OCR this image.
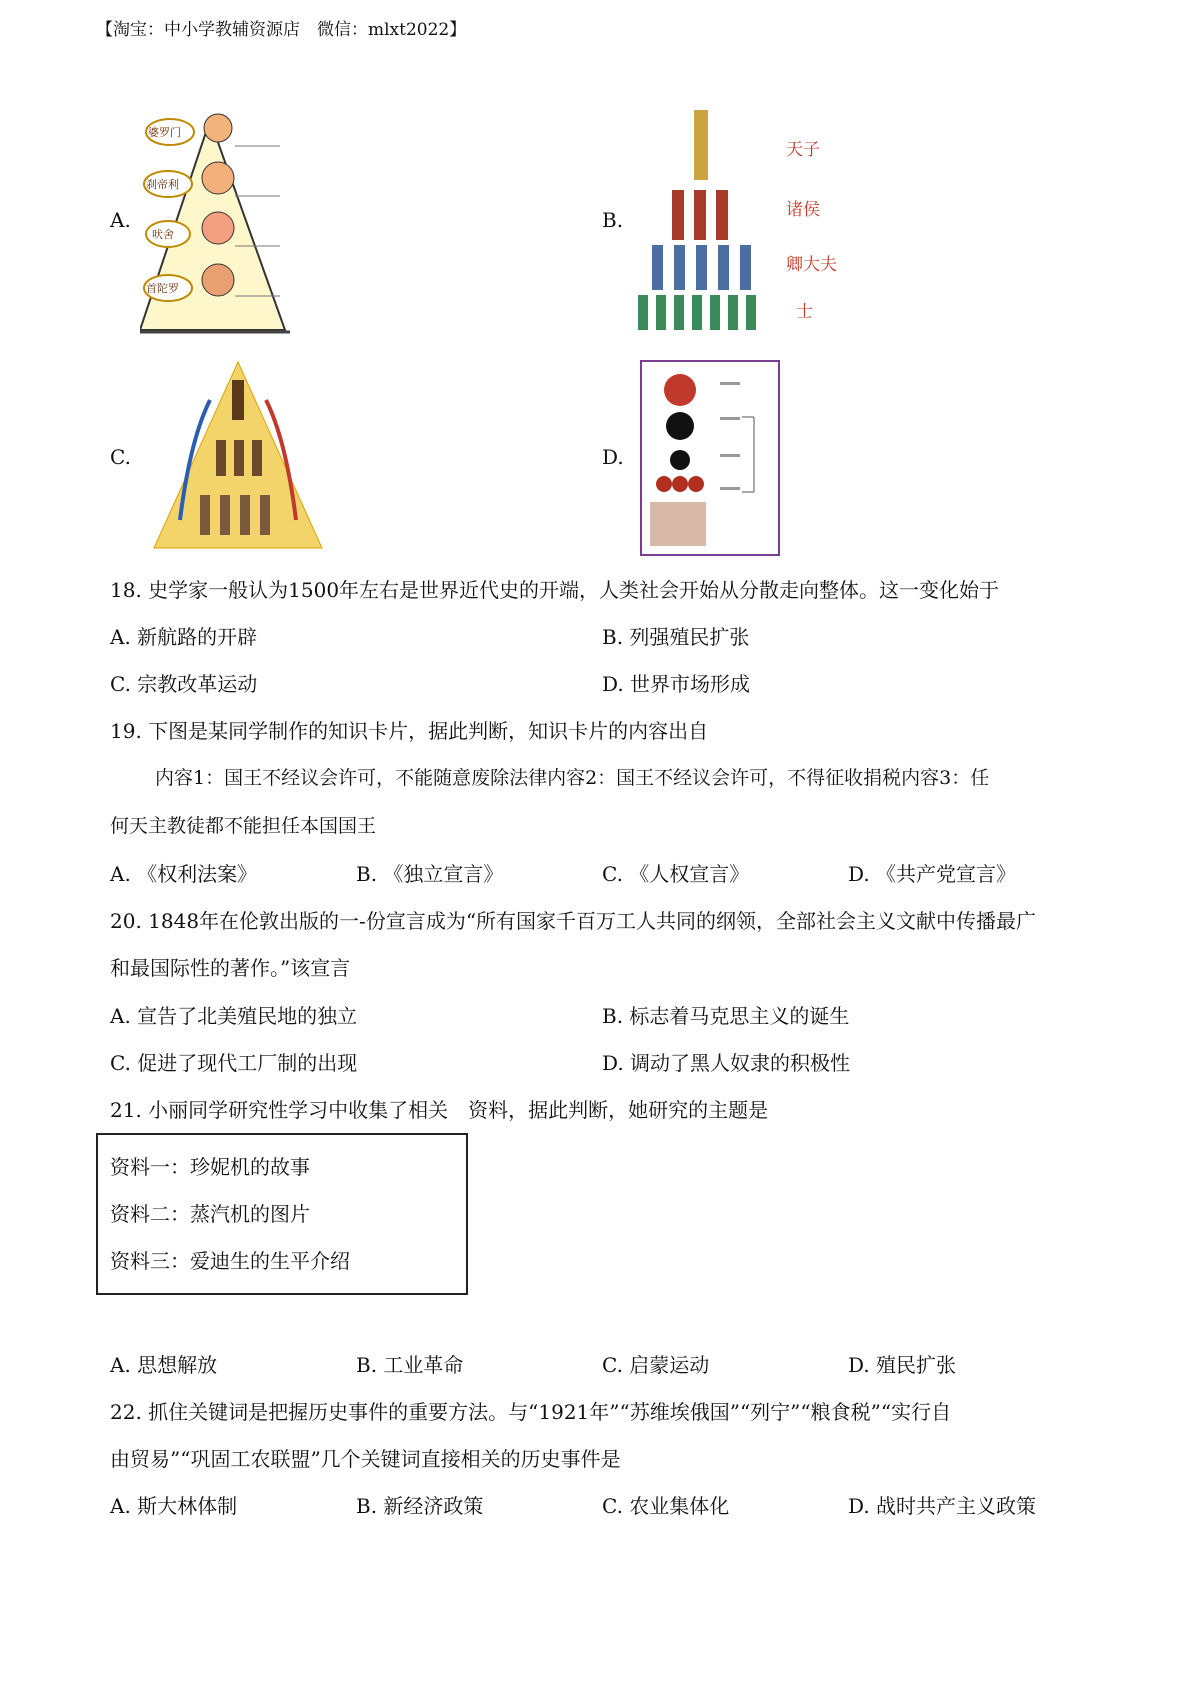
【淘宝：中小学教辅资源店　微信：mlxt2022】
A.
婆罗门
刹帝利
吠舍
首陀罗
B.
天子
诸侯
卿大夫
士
C.	D.
18. 史学家一般认为1500年左右是世界近代史的开端，人类社会开始从分散走向整体。这一变化始于
A. 新航路的开辟	B. 列强殖民扩张
C. 宗教改革运动	D. 世界市场形成
19. 下图是某同学制作的知识卡片，据此判断，知识卡片的内容出自
内容1：国王不经议会许可，不能随意废除法律内容2：国王不经议会许可，不得征收捐税内容3：任
何天主教徒都不能担任本国国王
A. 《权利法案》	B. 《独立宣言》	C. 《人权宣言》	D. 《共产党宣言》
20. 1848年在伦敦出版的一-份宣言成为“所有国家千百万工人共同的纲领，全部社会主义文献中传播最广
和最国际性的著作。”该宣言
A. 宣告了北美殖民地的独立	B. 标志着马克思主义的诞生
C. 促进了现代工厂制的出现	D. 调动了黑人奴隶的积极性
21. 小丽同学研究性学习中收集了相关　资料，据此判断，她研究的主题是
资料一：珍妮机的故事
资料二：蒸汽机的图片
资料三：爱迪生的生平介绍
A. 思想解放	B. 工业革命	C. 启蒙运动	D. 殖民扩张
22. 抓住关键词是把握历史事件的重要方法。与“1921年”“苏维埃俄国”“列宁”“粮食税”“实行自
由贸易”“巩固工农联盟”几个关键词直接相关的历史事件是
A. 斯大林体制	B. 新经济政策	C. 农业集体化	D. 战时共产主义政策
